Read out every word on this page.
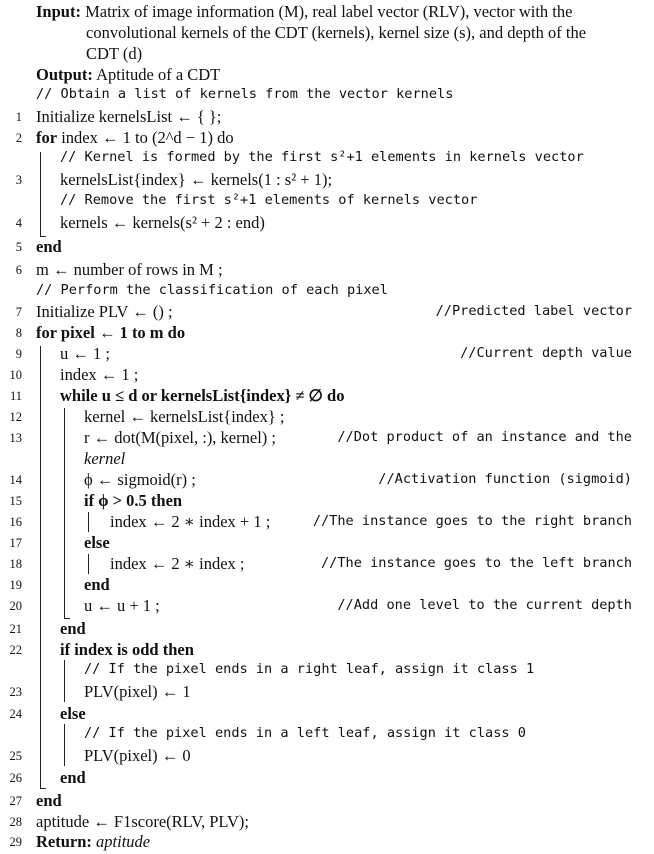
Input: Matrix of image information (M), real label vector (RLV), vector with the
convolutional kernels of the CDT (kernels), kernel size (s), and depth of the
CDT (d)
Output: Aptitude of a CDT
// Obtain a list of kernels from the vector kernels
1 Initialize kernelsList ← { };
2 for index ← 1 to (2^d − 1) do
// Kernel is formed by the first s²+1 elements in kernels vector
3 kernelsList{index} ← kernels(1 : s² + 1);
// Remove the first s²+1 elements of kernels vector
4 kernels ← kernels(s² + 2 : end)
5 end
6 m ← number of rows in M ;
// Perform the classification of each pixel
7 Initialize PLV ← () ;	//Predicted label vector
8 for pixel ← 1 to m do
9 u ← 1 ;	//Current depth value
10 index ← 1 ;
11 while u ≤ d or kernelsList{index} ≠ ∅ do
12	kernel ← kernelsList{index} ;
13	r ← dot(M(pixel, :), kernel) ;	//Dot product of an instance and the
kernel
14	ϕ ← sigmoid(r) ;	//Activation function (sigmoid)
15	if ϕ > 0.5 then
16	index ← 2 ∗ index + 1 ;	//The instance goes to the right branch
17	else
18	index ← 2 ∗ index ;	//The instance goes to the left branch
19	end
20	u ← u + 1 ;	//Add one level to the current depth
21 end
22 if index is odd then
// If the pixel ends in a right leaf, assign it class 1
23	PLV(pixel) ← 1
24 else
// If the pixel ends in a left leaf, assign it class 0
25	PLV(pixel) ← 0
26 end
27 end
28 aptitude ← F1score(RLV, PLV);
29 Return: aptitude
